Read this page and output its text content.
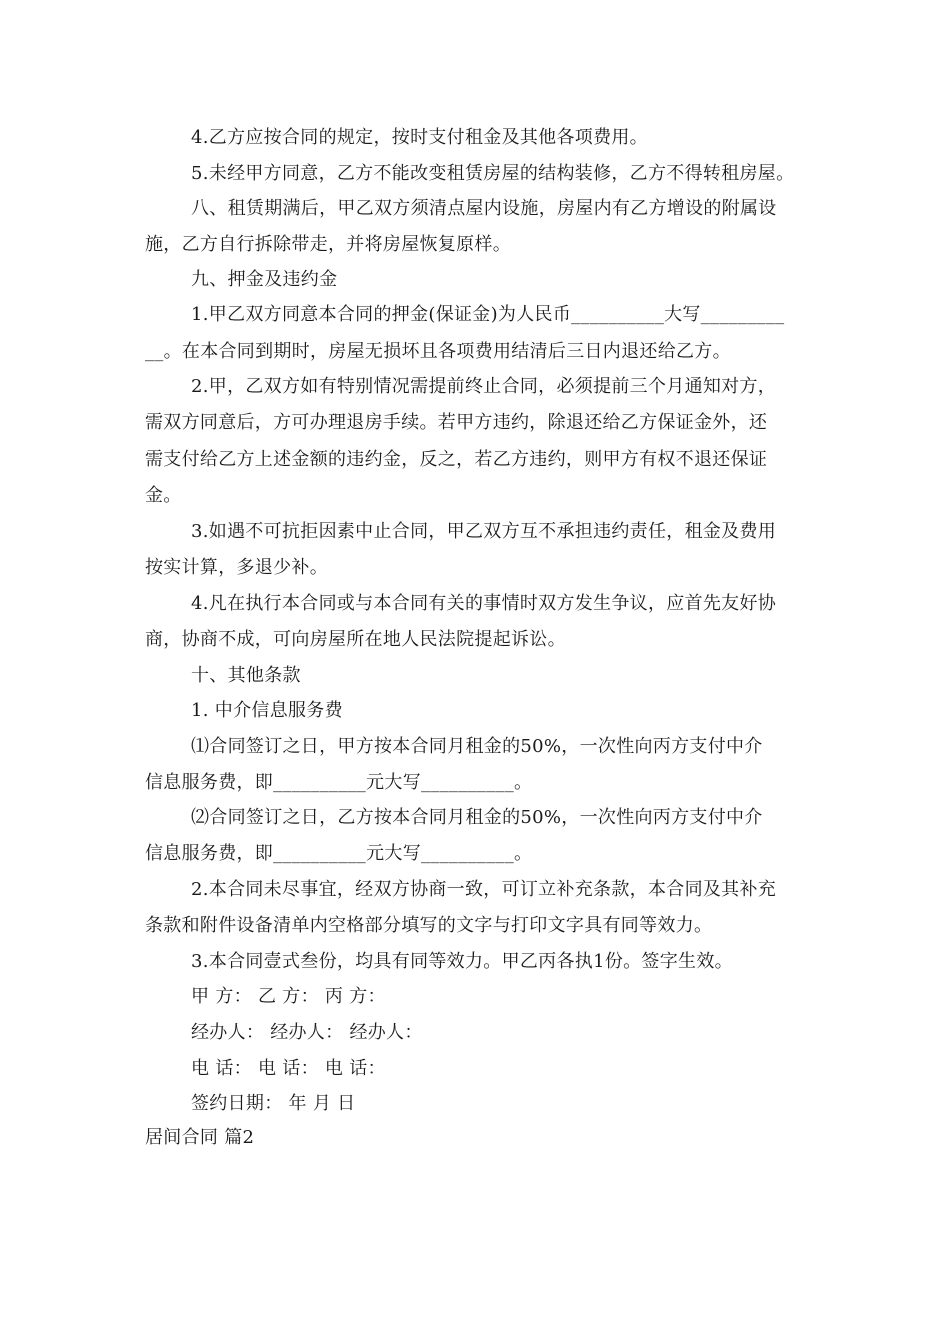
4.乙方应按合同的规定，按时支付租金及其他各项费用。
5.未经甲方同意，乙方不能改变租赁房屋的结构装修，乙方不得转租房屋。
八、租赁期满后，甲乙双方须清点屋内设施，房屋内有乙方增设的附属设
施，乙方自行拆除带走，并将房屋恢复原样。
九、押金及违约金
1.甲乙双方同意本合同的押金(保证金)为人民币__________大写_________
__。在本合同到期时，房屋无损坏且各项费用结清后三日内退还给乙方。
2.甲，乙双方如有特别情况需提前终止合同，必须提前三个月通知对方，
需双方同意后，方可办理退房手续。若甲方违约，除退还给乙方保证金外，还
需支付给乙方上述金额的违约金，反之，若乙方违约，则甲方有权不退还保证
金。
3.如遇不可抗拒因素中止合同，甲乙双方互不承担违约责任，租金及费用
按实计算，多退少补。
4.凡在执行本合同或与本合同有关的事情时双方发生争议，应首先友好协
商，协商不成，可向房屋所在地人民法院提起诉讼。
十、其他条款
1. 中介信息服务费
⑴合同签订之日，甲方按本合同月租金的50%，一次性向丙方支付中介
信息服务费，即__________元大写__________。
⑵合同签订之日，乙方按本合同月租金的50%，一次性向丙方支付中介
信息服务费，即__________元大写__________。
2.本合同未尽事宜，经双方协商一致，可订立补充条款，本合同及其补充
条款和附件设备清单内空格部分填写的文字与打印文字具有同等效力。
3.本合同壹式叁份，均具有同等效力。甲乙丙各执1份。签字生效。
甲 方： 乙 方： 丙 方：
经办人： 经办人： 经办人：
电 话： 电 话： 电 话：
签约日期： 年 月 日
居间合同 篇2
